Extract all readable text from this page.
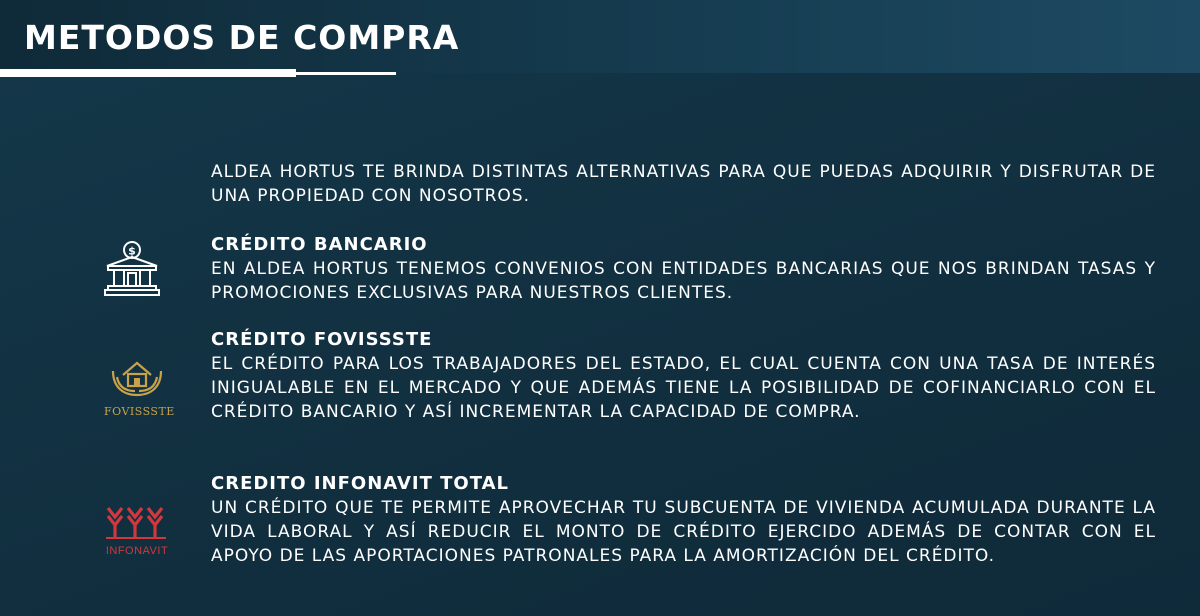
METODOS DE COMPRA

ALDEA HORTUS TE BRINDA DISTINTAS ALTERNATIVAS PARA QUE PUEDAS ADQUIRIR Y DISFRUTAR DE UNA PROPIEDAD CON NOSOTROS.

$	CRÉDITO BANCARIO

EN ALDEA HORTUS TENEMOS CONVENIOS CON ENTIDADES BANCARIAS QUE NOS BRINDAN TASAS Y PROMOCIONES EXCLUSIVAS PARA NUESTROS CLIENTES.

FOVISSSTE

CRÉDITO FOVISSSTE

EL CRÉDITO PARA LOS TRABAJADORES DEL ESTADO, EL CUAL CUENTA CON UNA TASA DE INTERÉS INIGUALABLE EN EL MERCADO Y QUE ADEMÁS TIENE LA POSIBILIDAD DE COFINANCIARLO CON EL CRÉDITO BANCARIO Y ASÍ INCREMENTAR LA CAPACIDAD DE COMPRA.

INFONAVIT

CREDITO INFONAVIT TOTAL

UN CRÉDITO QUE TE PERMITE APROVECHAR TU SUBCUENTA DE VIVIENDA ACUMULADA DURANTE LA VIDA LABORAL Y ASÍ REDUCIR EL MONTO DE CRÉDITO EJERCIDO ADEMÁS DE CONTAR CON EL APOYO DE LAS APORTACIONES PATRONALES PARA LA AMORTIZACIÓN DEL CRÉDITO.
